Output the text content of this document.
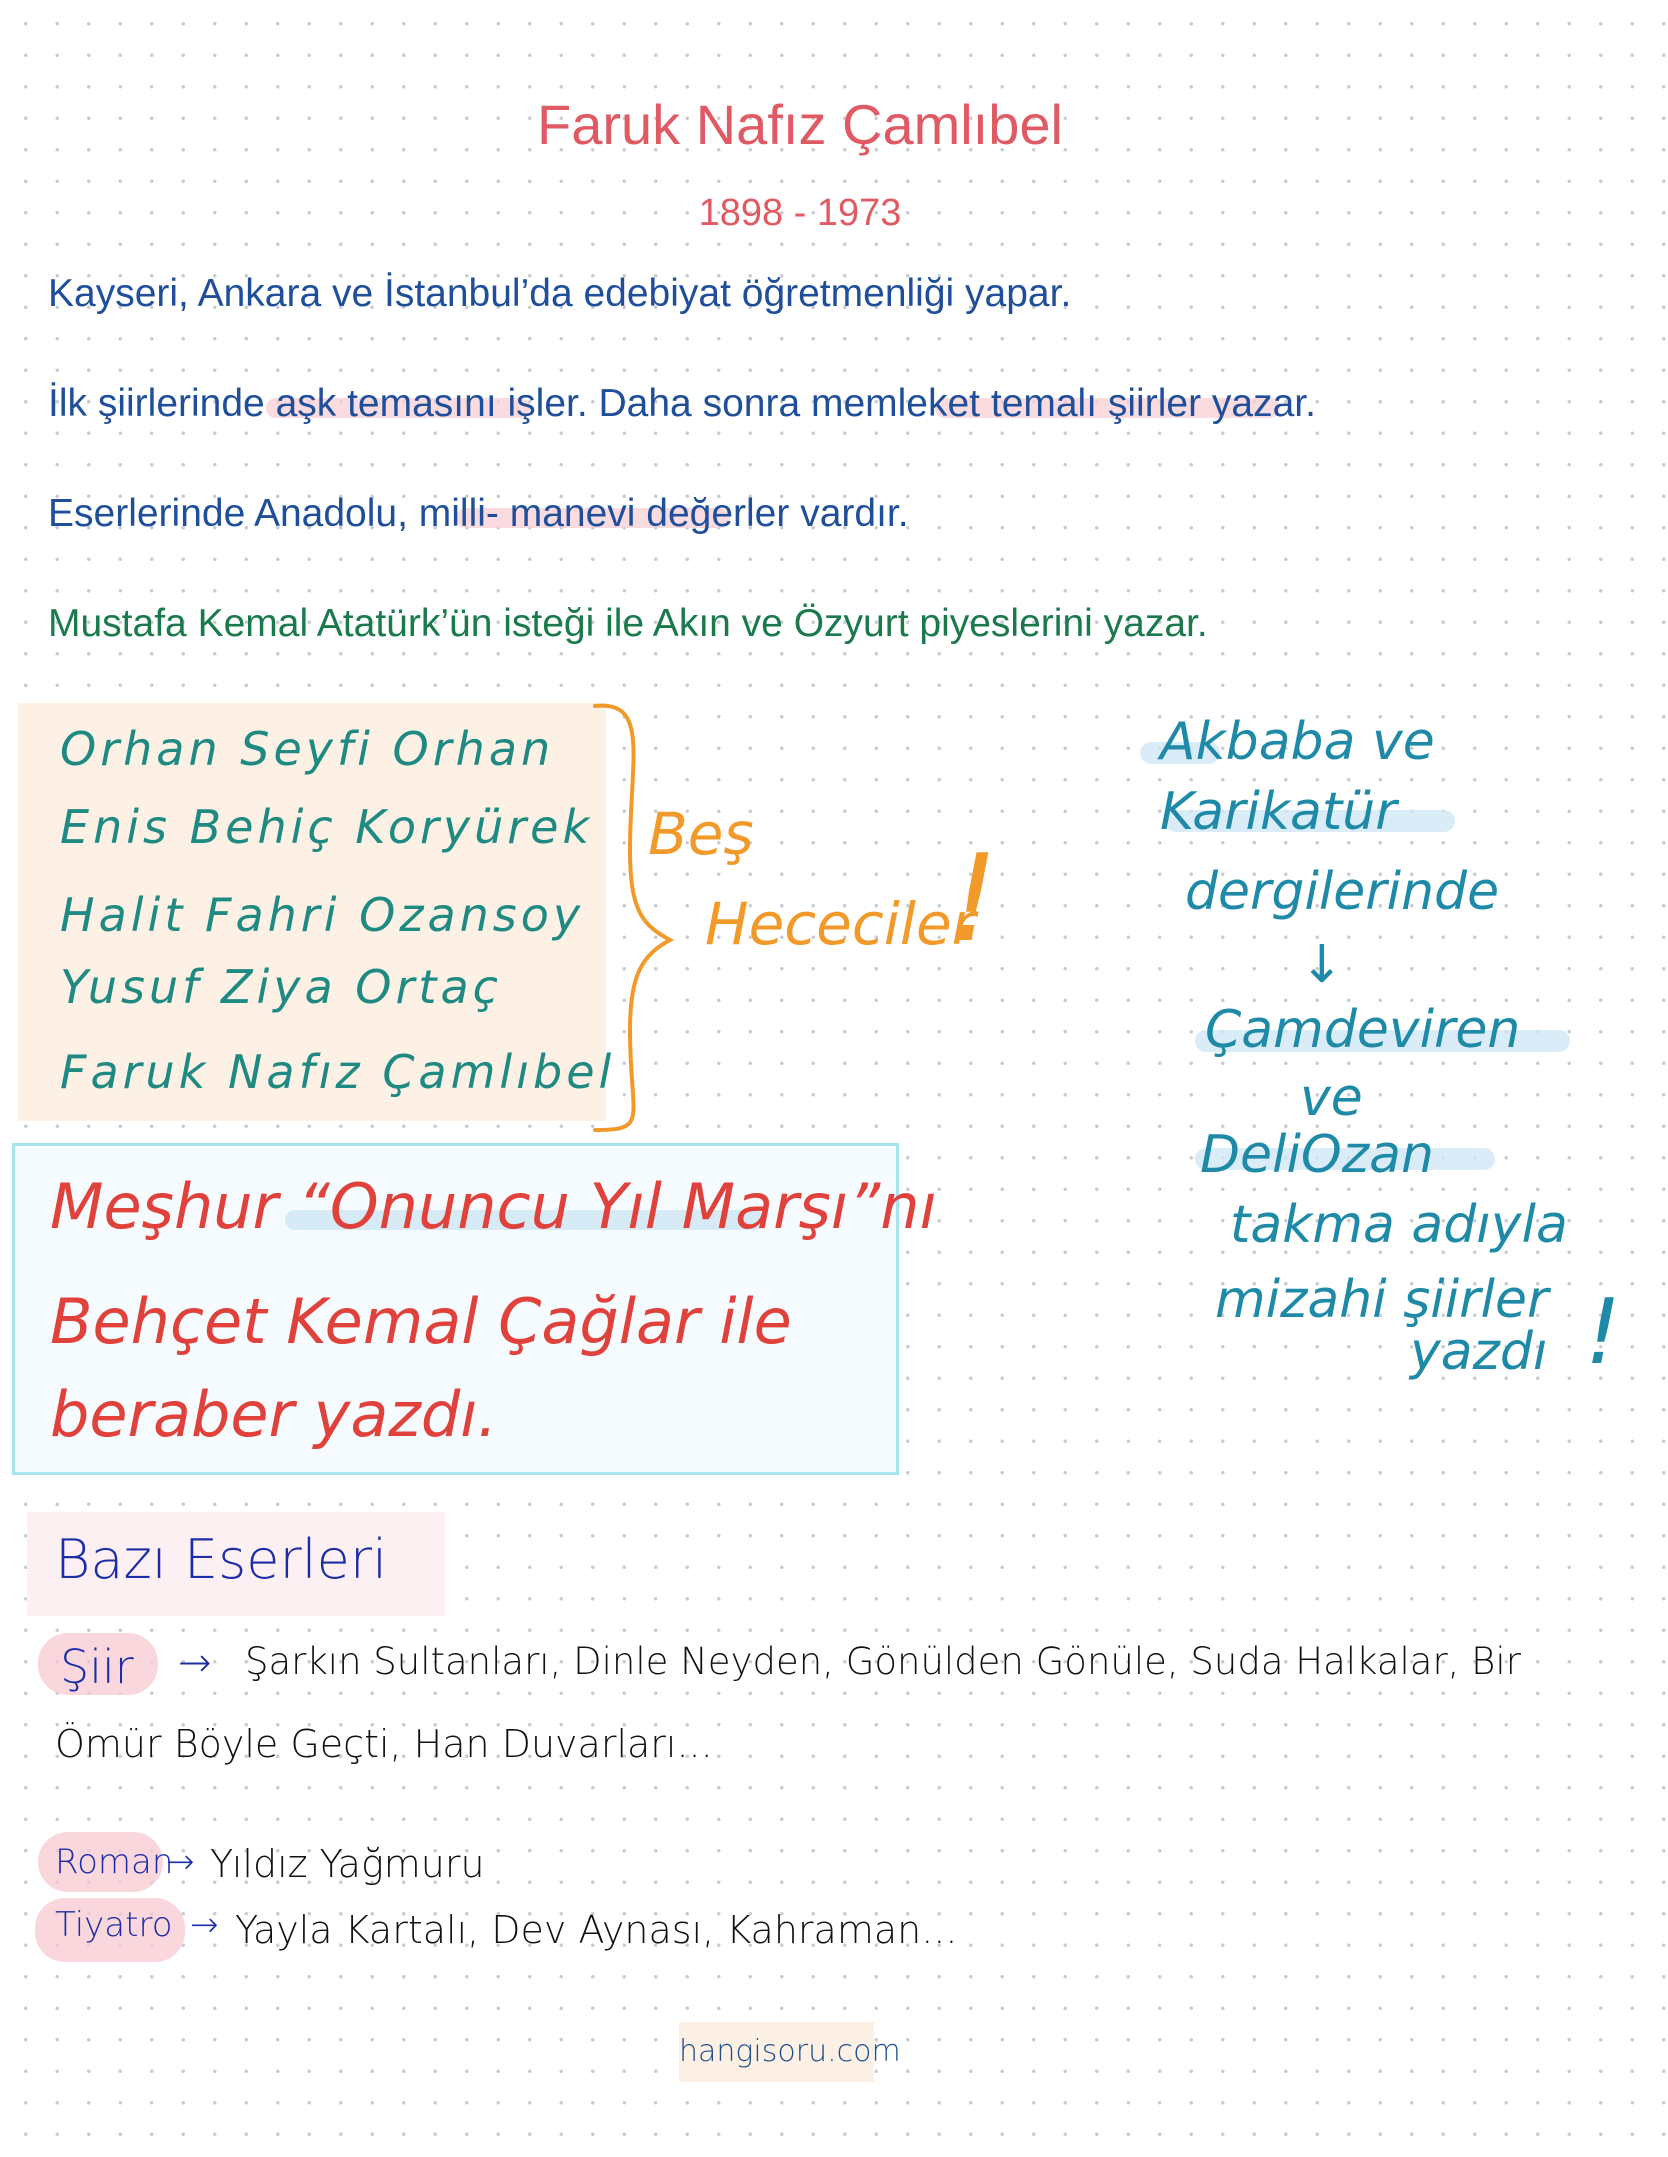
Faruk Nafız Çamlıbel
1898 - 1973
Kayseri, Ankara ve İstanbul’da edebiyat öğretmenliği yapar.
İlk şiirlerinde aşk temasını işler. Daha sonra memleket temalı şiirler yazar.
Eserlerinde Anadolu, milli- manevi değerler vardır.
Mustafa Kemal Atatürk’ün isteği ile Akın ve Özyurt piyeslerini yazar.
Orhan Seyfi Orhan
Enis Behiç Koryürek
Halit Fahri Ozansoy
Yusuf Ziya Ortaç
Faruk Nafız Çamlıbel
Beş
Hececiler
!
Meşhur “Onuncu Yıl Marşı”nı
Behçet Kemal Çağlar ile
beraber yazdı.
Akbaba ve
Karikatür
dergilerinde
↓
Çamdeviren
ve
DeliOzan
takma adıyla
mizahi şiirler
yazdı !
Bazı Eserleri
Şiir → Şarkın Sultanları, Dinle Neyden, Gönülden Gönüle, Suda Halkalar, Bir
Ömür Böyle Geçti, Han Duvarları...
Roman
→ Yıldız Yağmuru
Tiyatro → Yayla Kartalı, Dev Aynası, Kahraman...
hangisoru.com
